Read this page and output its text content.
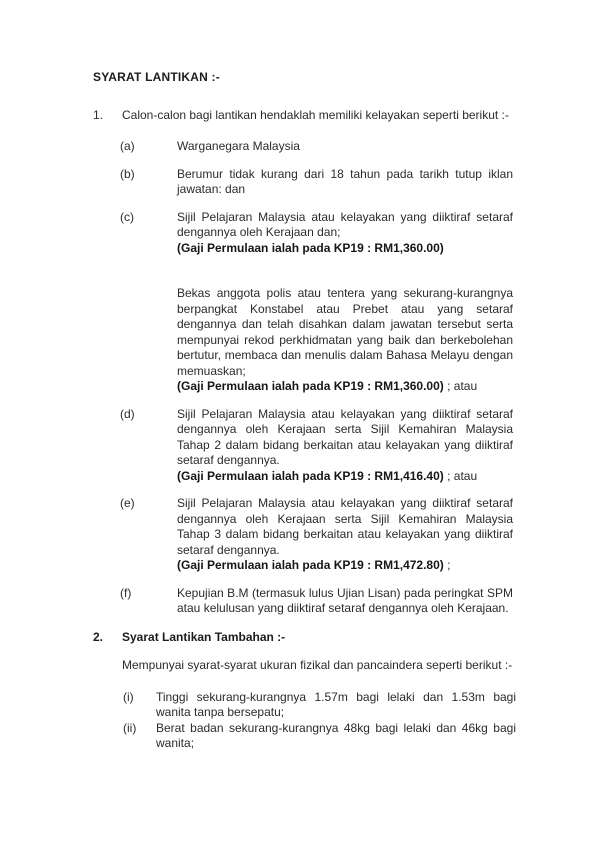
SYARAT LANTIKAN :-
1.	Calon-calon bagi lantikan hendaklah memiliki kelayakan seperti berikut :-
(a)	Warganegara Malaysia
(b)	Berumur tidak kurang dari 18 tahun pada tarikh tutup iklan jawatan: dan
(c)	Sijil Pelajaran Malaysia atau kelayakan yang diiktiraf setaraf dengannya oleh Kerajaan dan;
(Gaji Permulaan ialah pada KP19 : RM1,360.00)
Bekas anggota polis atau tentera yang sekurang-kurangnya berpangkat Konstabel atau Prebet atau yang setaraf dengannya dan telah disahkan dalam jawatan tersebut serta mempunyai rekod perkhidmatan yang baik dan berkebolehan bertutur, membaca dan menulis dalam Bahasa Melayu dengan memuaskan;
(Gaji Permulaan ialah pada KP19 : RM1,360.00) ; atau
(d)	Sijil Pelajaran Malaysia atau kelayakan yang diiktiraf setaraf dengannya oleh Kerajaan serta Sijil Kemahiran Malaysia Tahap 2 dalam bidang berkaitan atau kelayakan yang diiktiraf setaraf dengannya.
(Gaji Permulaan ialah pada KP19 : RM1,416.40) ; atau
(e)	Sijil Pelajaran Malaysia atau kelayakan yang diiktiraf setaraf dengannya oleh Kerajaan serta Sijil Kemahiran Malaysia Tahap 3 dalam bidang berkaitan atau kelayakan yang diiktiraf setaraf dengannya.
(Gaji Permulaan ialah pada KP19 : RM1,472.80) ;
(f)	Kepujian B.M (termasuk lulus Ujian Lisan) pada peringkat SPM atau kelulusan yang diiktiraf setaraf dengannya oleh Kerajaan.
2.	Syarat Lantikan Tambahan :-
Mempunyai syarat-syarat ukuran fizikal dan pancaindera seperti berikut :-
(i)	Tinggi sekurang-kurangnya 1.57m bagi lelaki dan 1.53m bagi wanita tanpa bersepatu;
(ii)	Berat badan sekurang-kurangnya 48kg bagi lelaki dan 46kg bagi wanita;
